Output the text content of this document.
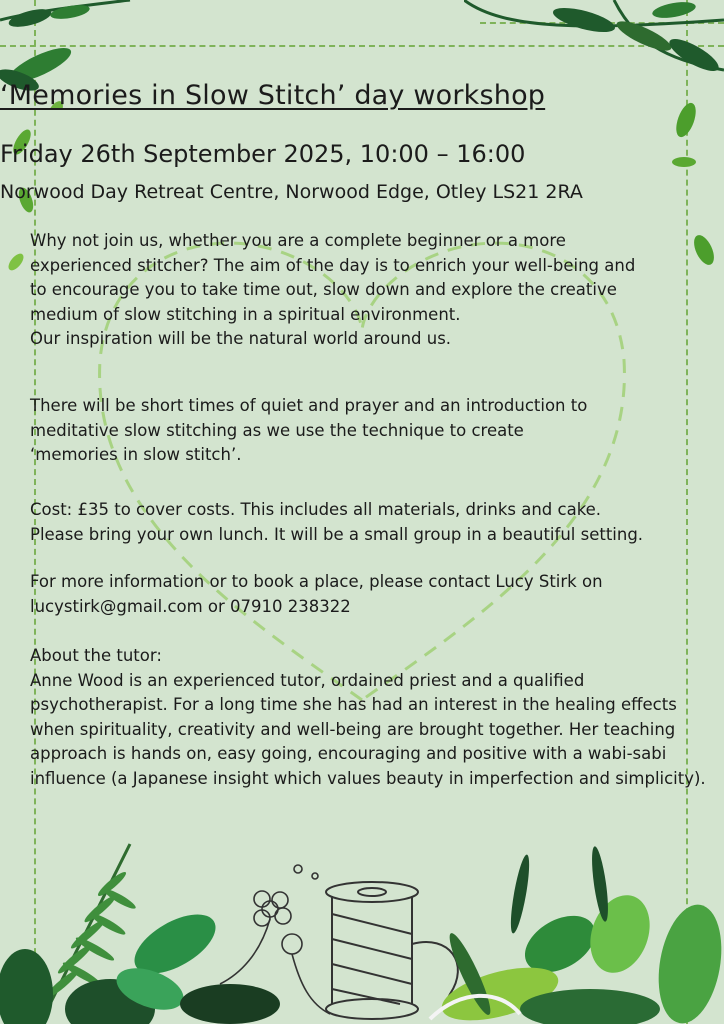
‘Memories in Slow Stitch’ day workshop
Friday 26th September 2025, 10:00 – 16:00
Norwood Day Retreat Centre, Norwood Edge, Otley LS21 2RA
Why not join us, whether you are a complete beginner or a more
experienced stitcher? The aim of the day is to enrich your well-being and
to encourage you to take time out, slow down and explore the creative
medium of slow stitching in a spiritual environment.
Our inspiration will be the natural world around us.
There will be short times of quiet and prayer and an introduction to
meditative slow stitching as we use the technique to create
‘memories in slow stitch’.
Cost: £35 to cover costs. This includes all materials, drinks and cake.
Please bring your own lunch. It will be a small group in a beautiful setting.
For more information or to book a place, please contact Lucy Stirk on
lucystirk@gmail.com or 07910 238322
About the tutor:
Anne Wood is an experienced tutor, ordained priest and a qualified
psychotherapist. For a long time she has had an interest in the healing effects
when spirituality, creativity and well-being are brought together. Her teaching
approach is hands on, easy going, encouraging and positive with a wabi-sabi
influence (a Japanese insight which values beauty in imperfection and simplicity).
